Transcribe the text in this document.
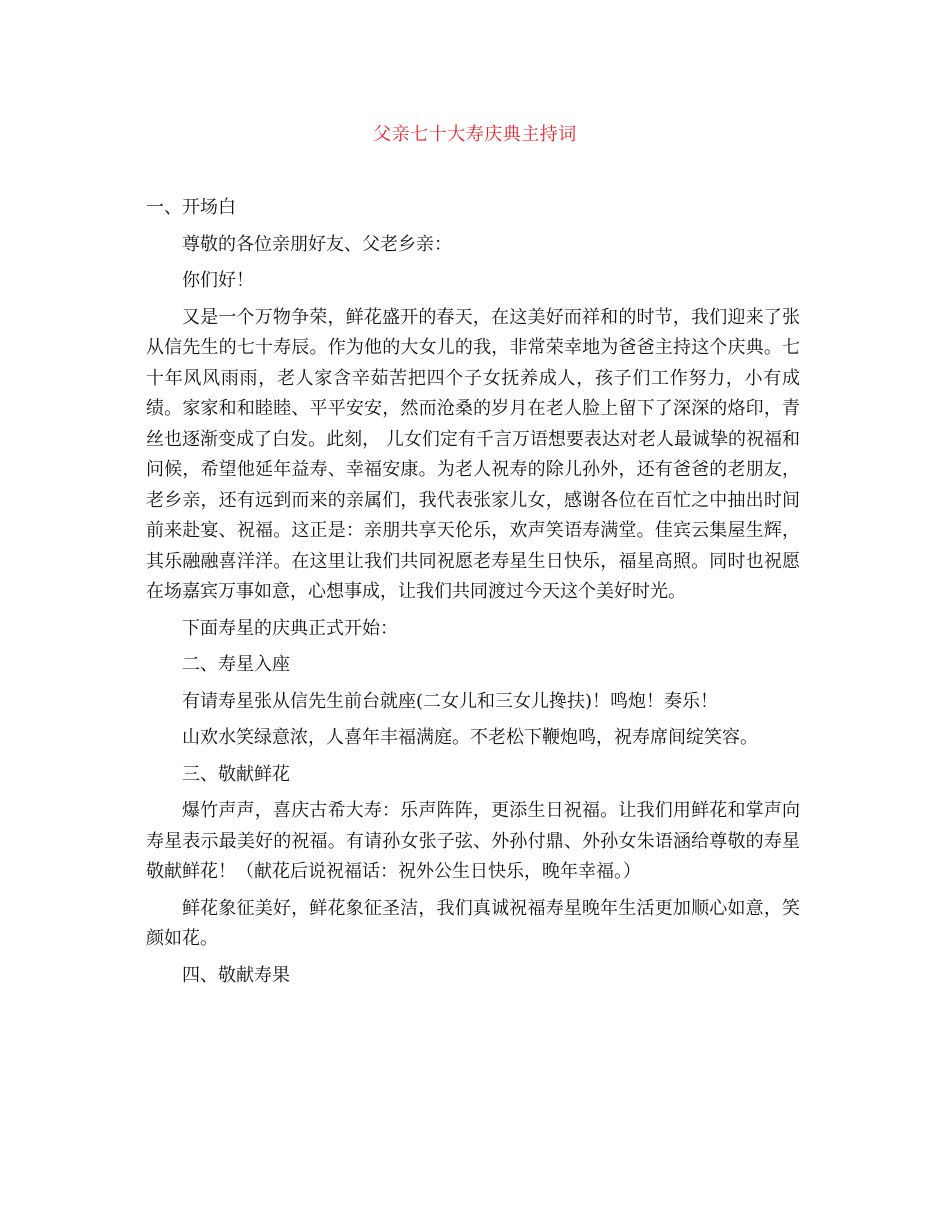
父亲七十大寿庆典主持词

一、开场白

尊敬的各位亲朋好友、父老乡亲：

你们好！

又是一个万物争荣，鲜花盛开的春天，在这美好而祥和的时节，我们迎来了张从信先生的七十寿辰。作为他的大女儿的我，非常荣幸地为爸爸主持这个庆典。七十年风风雨雨，老人家含辛茹苦把四个子女抚养成人，孩子们工作努力，小有成绩。家家和和睦睦、平平安安，然而沧桑的岁月在老人脸上留下了深深的烙印，青丝也逐渐变成了白发。此刻， 儿女们定有千言万语想要表达对老人最诚挚的祝福和问候，希望他延年益寿、幸福安康。为老人祝寿的除儿孙外，还有爸爸的老朋友，老乡亲，还有远到而来的亲属们，我代表张家儿女，感谢各位在百忙之中抽出时间前来赴宴、祝福。这正是：亲朋共享天伦乐，欢声笑语寿满堂。佳宾云集屋生辉，其乐融融喜洋洋。在这里让我们共同祝愿老寿星生日快乐，福星高照。同时也祝愿在场嘉宾万事如意，心想事成，让我们共同渡过今天这个美好时光。

下面寿星的庆典正式开始：

二、寿星入座

有请寿星张从信先生前台就座(二女儿和三女儿搀扶)！鸣炮！奏乐！

山欢水笑绿意浓，人喜年丰福满庭。不老松下鞭炮鸣，祝寿席间绽笑容。

三、敬献鲜花

爆竹声声，喜庆古希大寿：乐声阵阵，更添生日祝福。让我们用鲜花和掌声向寿星表示最美好的祝福。有请孙女张子弦、外孙付鼎、外孙女朱语涵给尊敬的寿星敬献鲜花！（献花后说祝福话：祝外公生日快乐，晚年幸福。）

鲜花象征美好，鲜花象征圣洁，我们真诚祝福寿星晚年生活更加顺心如意，笑颜如花。

四、敬献寿果
